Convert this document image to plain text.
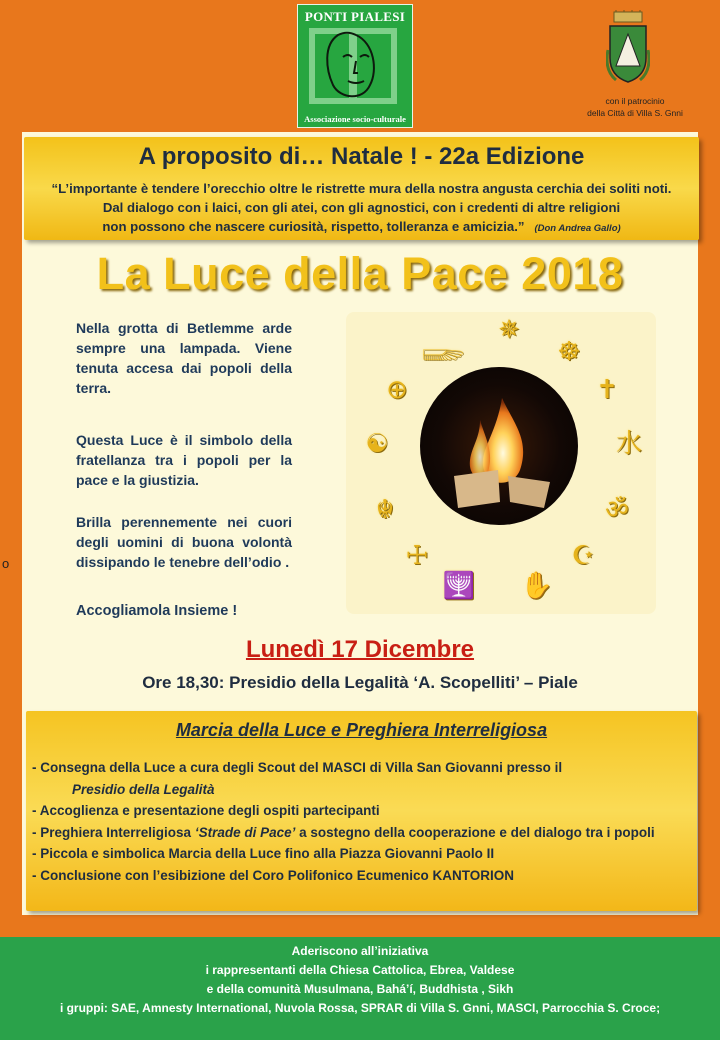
PONTI PIALESI
Associazione socio-culturale
con il patrocinio
della Città di Villa S. Gnni
A proposito di… Natale ! - 22a Edizione
“L’importante è tendere l’orecchio oltre le ristrette mura della nostra angusta cerchia dei soliti noti.
Dal dialogo con i laici, con gli atei, con gli agnostici, con i credenti di altre religioni
non possono che nascere curiosità, rispetto, tolleranza e amicizia.” (Don Andrea Gallo)
La Luce della Pace 2018
o
Nella grotta di Betlemme arde sempre una lampada. Viene tenuta accesa dai popoli della terra.
Questa Luce è il simbolo della fratellanza tra i popoli per la pace e la giustizia.
Brilla perennemente nei cuori degli uomini di buona volontà dissipando le tenebre dell’odio .
Accogliamola Insieme !
✵
𓆃	☸
⊕	✝
☯	水
☬	ॐ
☩	☪
🕎 ✋
Lunedì 17 Dicembre
Ore 18,30: Presidio della Legalità ‘A. Scopelliti’ – Piale
Marcia della Luce e Preghiera Interreligiosa
- Consegna della Luce a cura degli Scout del MASCI di Villa San Giovanni presso il
Presidio della Legalità
- Accoglienza e presentazione degli ospiti partecipanti
- Preghiera Interreligiosa ‘Strade di Pace’ a sostegno della cooperazione e del dialogo tra i popoli
- Piccola e simbolica Marcia della Luce fino alla Piazza Giovanni Paolo II
- Conclusione con l’esibizione del Coro Polifonico Ecumenico KANTORION
Aderiscono all’iniziativa
i rappresentanti della Chiesa Cattolica, Ebrea, Valdese
e della comunità Musulmana, Bahá’í, Buddhista , Sikh
i gruppi: SAE, Amnesty International, Nuvola Rossa, SPRAR di Villa S. Gnni, MASCI, Parrocchia S. Croce;
